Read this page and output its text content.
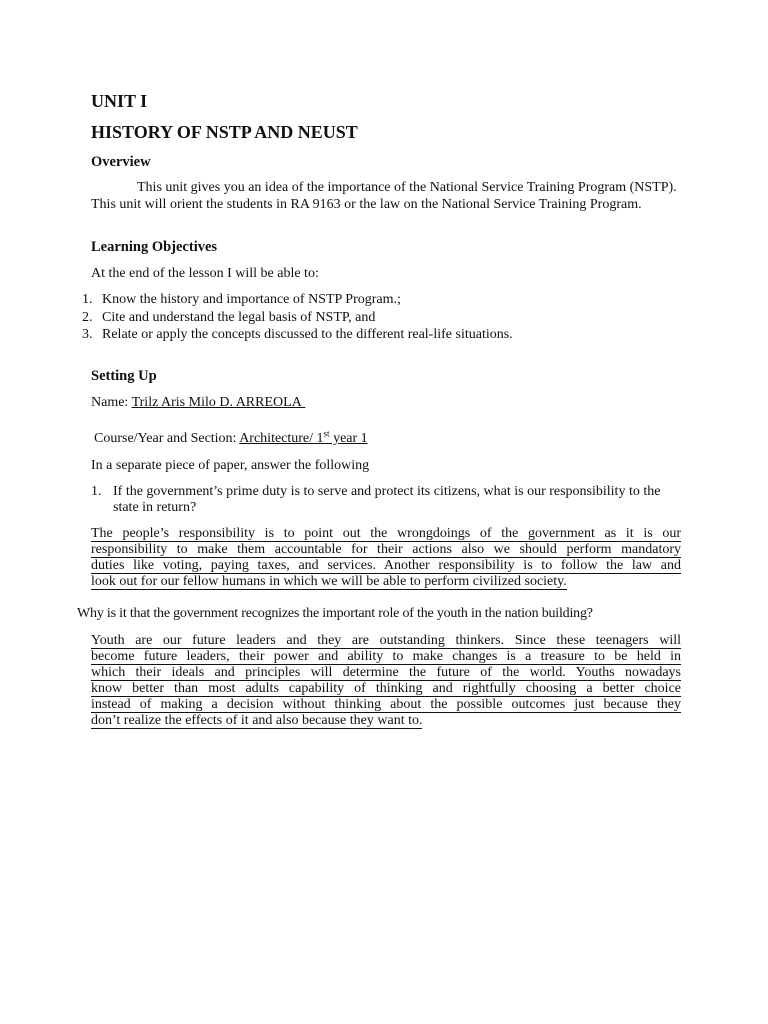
UNIT I
HISTORY OF NSTP AND NEUST
Overview
This unit gives you an idea of the importance of the National Service Training Program (NSTP). This unit will orient the students in RA 9163 or the law on the National Service Training Program.
Learning Objectives
At the end of the lesson I will be able to:
1. Know the history and importance of NSTP Program.;
2. Cite and understand the legal basis of NSTP, and
3. Relate or apply the concepts discussed to the different real-life situations.
Setting Up
Name: Trilz Aris Milo D. ARREOLA
Course/Year and Section: Architecture/ 1st year 1
In a separate piece of paper, answer the following
1. If the government’s prime duty is to serve and protect its citizens, what is our responsibility to the state in return?
The people’s responsibility is to point out the wrongdoings of the government as it is our
responsibility to make them accountable for their actions also we should perform mandatory
duties like voting, paying taxes, and services. Another responsibility is to follow the law and
look out for our fellow humans in which we will be able to perform civilized society.
Why is it that the government recognizes the important role of the youth in the nation building?
Youth are our future leaders and they are outstanding thinkers. Since these teenagers will
become future leaders, their power and ability to make changes is a treasure to be held in
which their ideals and principles will determine the future of the world. Youths nowadays
know better than most adults capability of thinking and rightfully choosing a better choice
instead of making a decision without thinking about the possible outcomes just because they
don’t realize the effects of it and also because they want to.
